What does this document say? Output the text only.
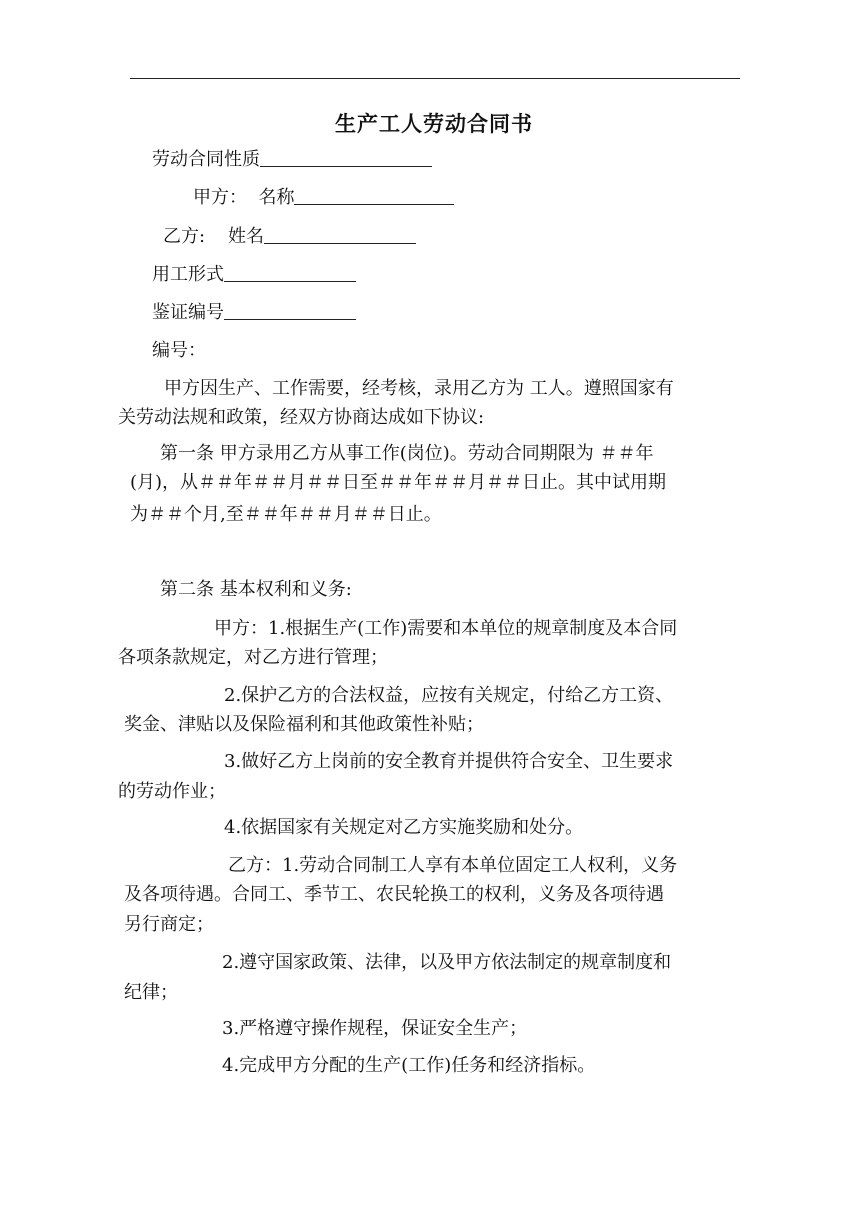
生产工人劳动合同书
劳动合同性质
甲方：  名称
乙方:    姓名
用工形式
鉴证编号
编号：
甲方因生产、工作需要，经考核，录用乙方为 工人。遵照国家有
关劳动法规和政策，经双方协商达成如下协议:
第一条 甲方录用乙方从事工作(岗位)。劳动合同期限为 ＃＃年
(月)，从＃＃年＃＃月＃＃日至＃＃年＃＃月＃＃日止。其中试用期
为＃＃个月,至＃＃年＃＃月＃＃日止。
第二条 基本权利和义务:
甲方：1.根据生产(工作)需要和本单位的规章制度及本合同
各项条款规定，对乙方进行管理；
2.保护乙方的合法权益，应按有关规定，付给乙方工资、
奖金、津贴以及保险福利和其他政策性补贴；
3.做好乙方上岗前的安全教育并提供符合安全、卫生要求
的劳动作业；
4.依据国家有关规定对乙方实施奖励和处分。
乙方：1.劳动合同制工人享有本单位固定工人权利，义务
及各项待遇。合同工、季节工、农民轮换工的权利，义务及各项待遇
另行商定；
2.遵守国家政策、法律，以及甲方依法制定的规章制度和
纪律；
3.严格遵守操作规程，保证安全生产；
4.完成甲方分配的生产(工作)任务和经济指标。
